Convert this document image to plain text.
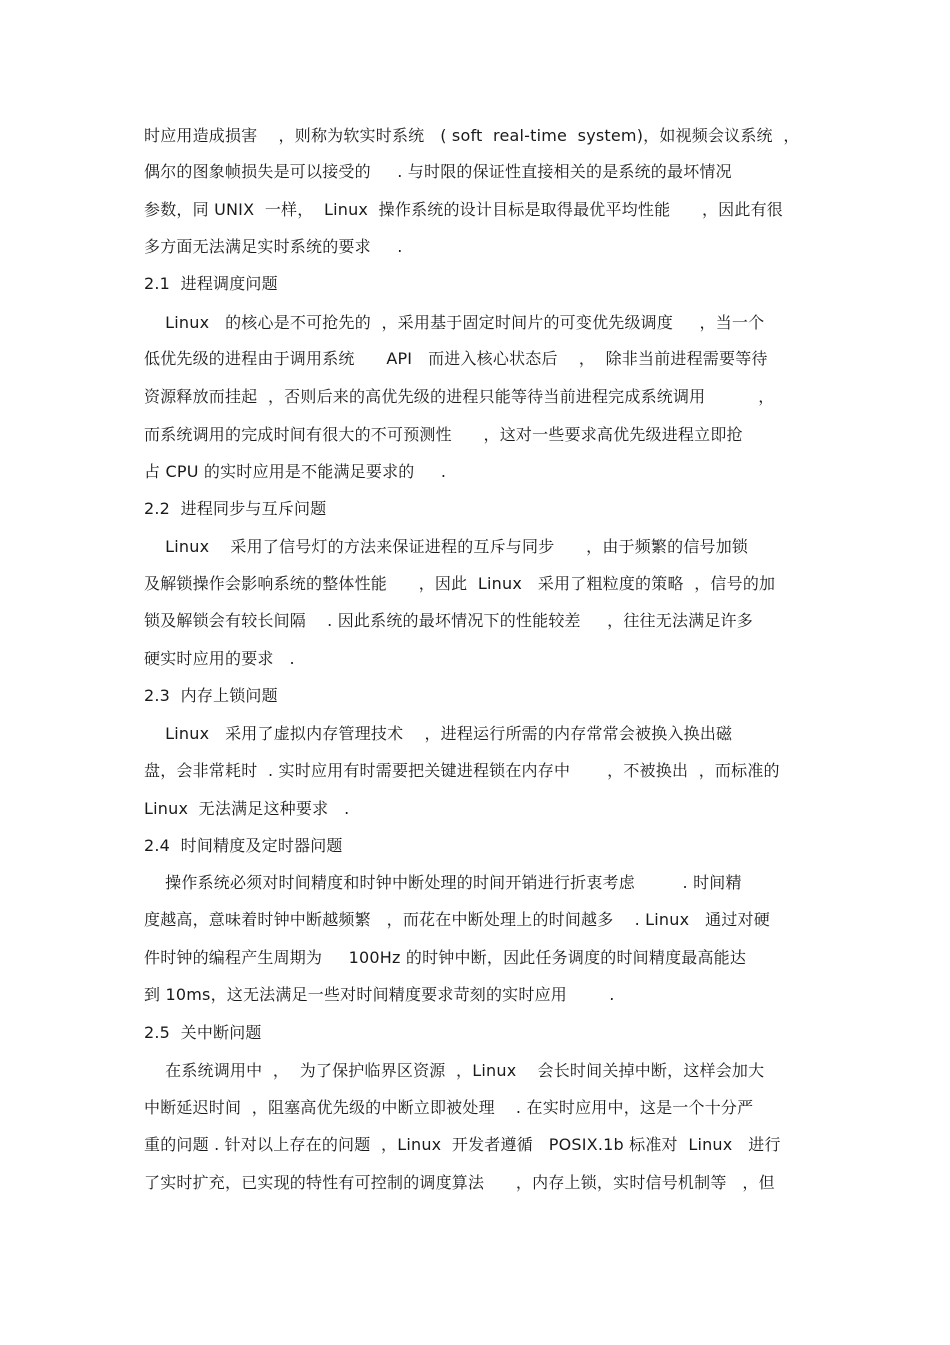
时应用造成损害    ，则称为软实时系统   ( soft  real-time  system)，如视频会议系统  ，
偶尔的图象帧损失是可以接受的     . 与时限的保证性直接相关的是系统的最坏情况
参数，同 UNIX  一样，  Linux  操作系统的设计目标是取得最优平均性能      ，因此有很
多方面无法满足实时系统的要求     .
2.1  进程调度问题
Linux   的核心是不可抢先的  ，采用基于固定时间片的可变优先级调度     ，当一个
低优先级的进程由于调用系统      API   而进入核心状态后    ，  除非当前进程需要等待
资源释放而挂起  ，否则后来的高优先级的进程只能等待当前进程完成系统调用          ，
而系统调用的完成时间有很大的不可预测性      ，这对一些要求高优先级进程立即抢
占 CPU 的实时应用是不能满足要求的     .
2.2  进程同步与互斥问题
Linux    采用了信号灯的方法来保证进程的互斥与同步      ，由于频繁的信号加锁
及解锁操作会影响系统的整体性能      ，因此  Linux   采用了粗粒度的策略  ，信号的加
锁及解锁会有较长间隔    . 因此系统的最坏情况下的性能较差     ，往往无法满足许多
硬实时应用的要求   .
2.3  内存上锁问题
Linux   采用了虚拟内存管理技术    ，进程运行所需的内存常常会被换入换出磁
盘，会非常耗时  . 实时应用有时需要把关键进程锁在内存中       ，不被换出  ，而标准的
Linux  无法满足这种要求   .
2.4  时间精度及定时器问题
操作系统必须对时间精度和时钟中断处理的时间开销进行折衷考虑         . 时间精
度越高，意味着时钟中断越频繁   ，而花在中断处理上的时间越多    . Linux   通过对硬
件时钟的编程产生周期为     100Hz 的时钟中断，因此任务调度的时间精度最高能达
到 10ms，这无法满足一些对时间精度要求苛刻的实时应用        .
2.5  关中断问题
在系统调用中  ，  为了保护临界区资源  ，Linux    会长时间关掉中断，这样会加大
中断延迟时间  ，阻塞高优先级的中断立即被处理    . 在实时应用中，这是一个十分严
重的问题 . 针对以上存在的问题  ，Linux  开发者遵循   POSIX.1b 标准对  Linux   进行
了实时扩充，已实现的特性有可控制的调度算法      ，内存上锁，实时信号机制等   ，但
